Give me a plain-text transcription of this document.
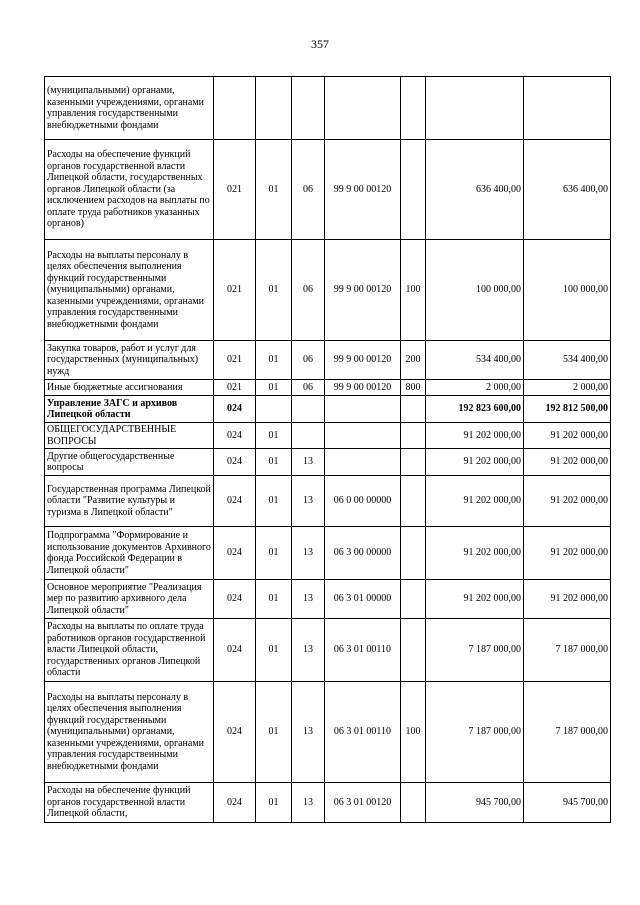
357
(муниципальными) органами, казенными учреждениями, органами управления государственными внебюджетными фондами							
Расходы на обеспечение функций органов государственной власти Липецкой области, государственных органов Липецкой области (за исключением расходов на выплаты по оплате труда работников указанных органов)	021	01	06	99 9 00 00120		636 400,00	636 400,00
Расходы на выплаты персоналу в целях обеспечения выполнения функций государственными (муниципальными) органами, казенными учреждениями, органами управления государственными внебюджетными фондами	021	01	06	99 9 00 00120	100	100 000,00	100 000,00
Закупка товаров, работ и услуг для государственных (муниципальных) нужд	021	01	06	99 9 00 00120	200	534 400,00	534 400,00
Иные бюджетные ассигнования	021	01	06	99 9 00 00120	800	2 000,00	2 000,00
Управление ЗАГС и архивов Липецкой области	024					192 823 600,00	192 812 500,00
ОБЩЕГОСУДАРСТВЕННЫЕ ВОПРОСЫ	024	01				91 202 000,00	91 202 000,00
Другие общегосударственные вопросы	024	01	13			91 202 000,00	91 202 000,00
Государственная программа Липецкой области "Развитие культуры и туризма в Липецкой области"	024	01	13	06 0 00 00000		91 202 000,00	91 202 000,00
Подпрограмма "Формирование и использование документов Архивного фонда Российской Федерации в Липецкой области"	024	01	13	06 3 00 00000		91 202 000,00	91 202 000,00
Основное мероприятие "Реализация мер по развитию архивного дела Липецкой области"	024	01	13	06 3 01 00000		91 202 000,00	91 202 000,00
Расходы на выплаты по оплате труда работников органов государственной власти Липецкой области, государственных органов Липецкой области	024	01	13	06 3 01 00110		7 187 000,00	7 187 000,00
Расходы на выплаты персоналу в целях обеспечения выполнения функций государственными (муниципальными) органами, казенными учреждениями, органами управления государственными внебюджетными фондами	024	01	13	06 3 01 00110	100	7 187 000,00	7 187 000,00
Расходы на обеспечение функций органов государственной власти Липецкой области,	024	01	13	06 3 01 00120		945 700,00	945 700,00
